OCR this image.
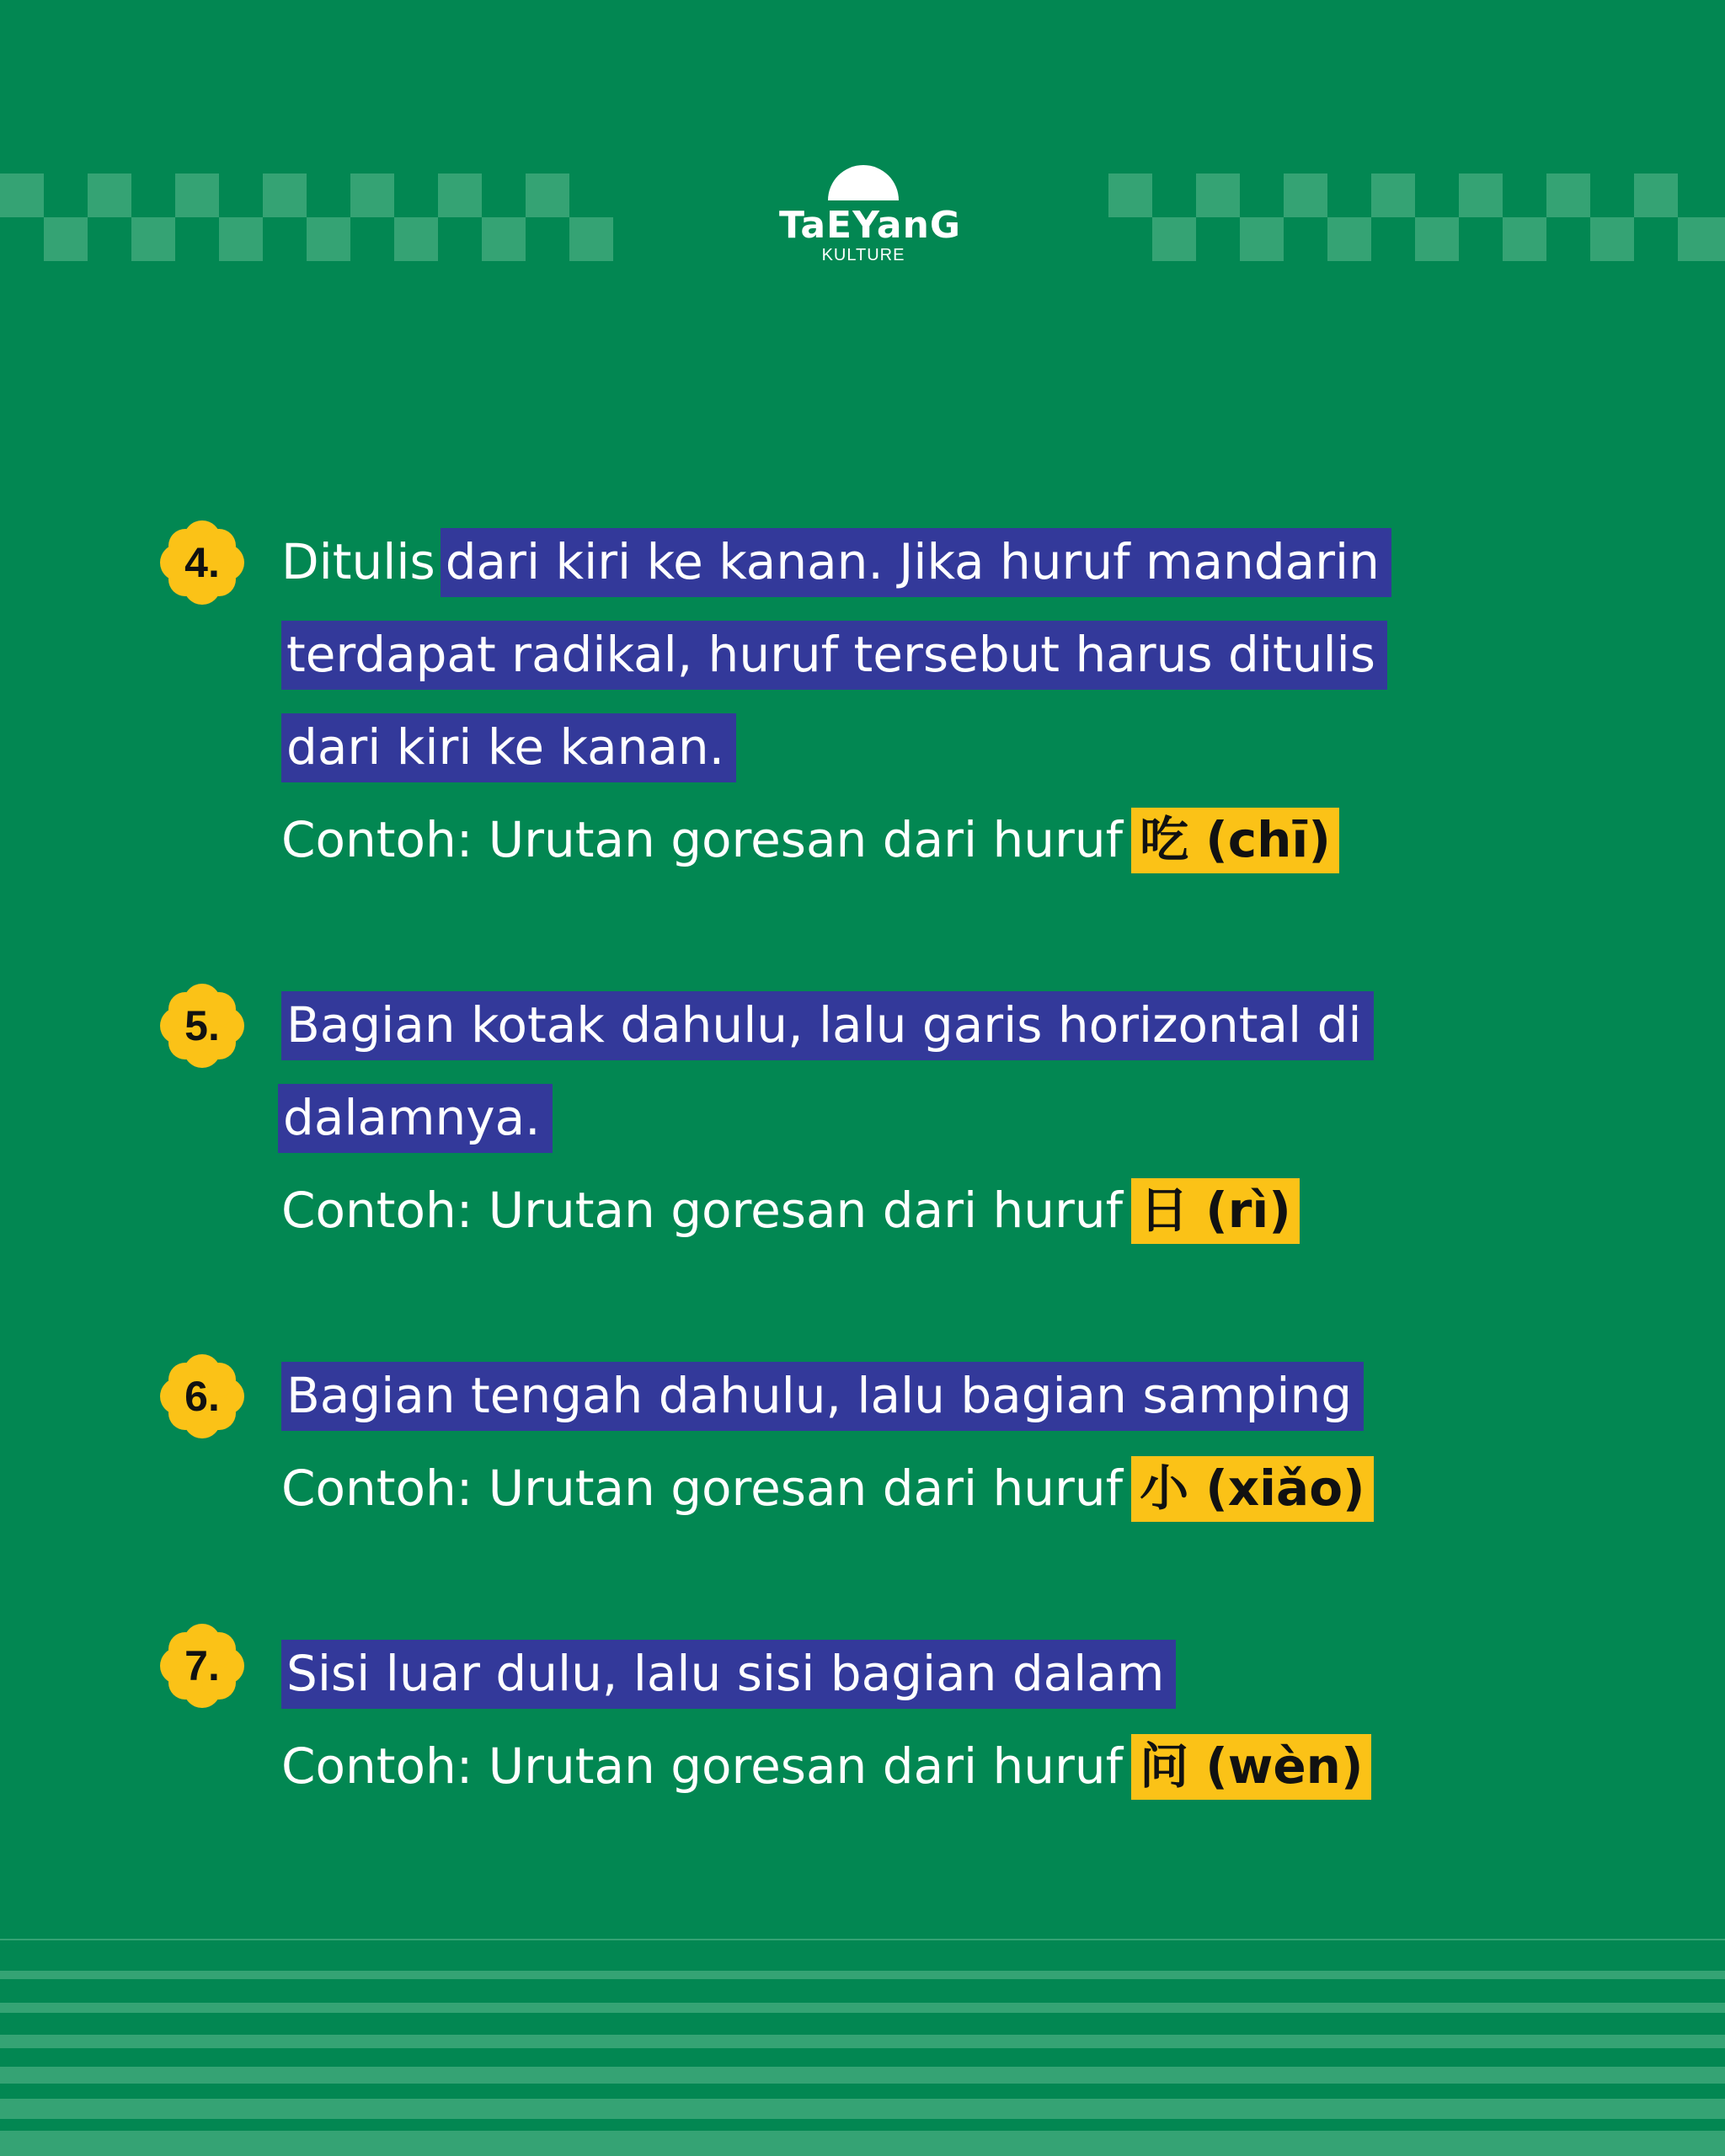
TaEYanG
KULTURE
4.	Ditulis dari kiri ke kanan. Jika huruf mandarin
terdapat radikal, huruf tersebut harus ditulis
dari kiri ke kanan.
Contoh: Urutan goresan dari huruf 吃 (chī)
5.	Bagian kotak dahulu, lalu garis horizontal di
dalamnya.
Contoh: Urutan goresan dari huruf 日 (rì)
6.	Bagian tengah dahulu, lalu bagian samping
Contoh: Urutan goresan dari huruf 小 (xiǎo)
7.	Sisi luar dulu, lalu sisi bagian dalam
Contoh: Urutan goresan dari huruf 问 (wèn)
